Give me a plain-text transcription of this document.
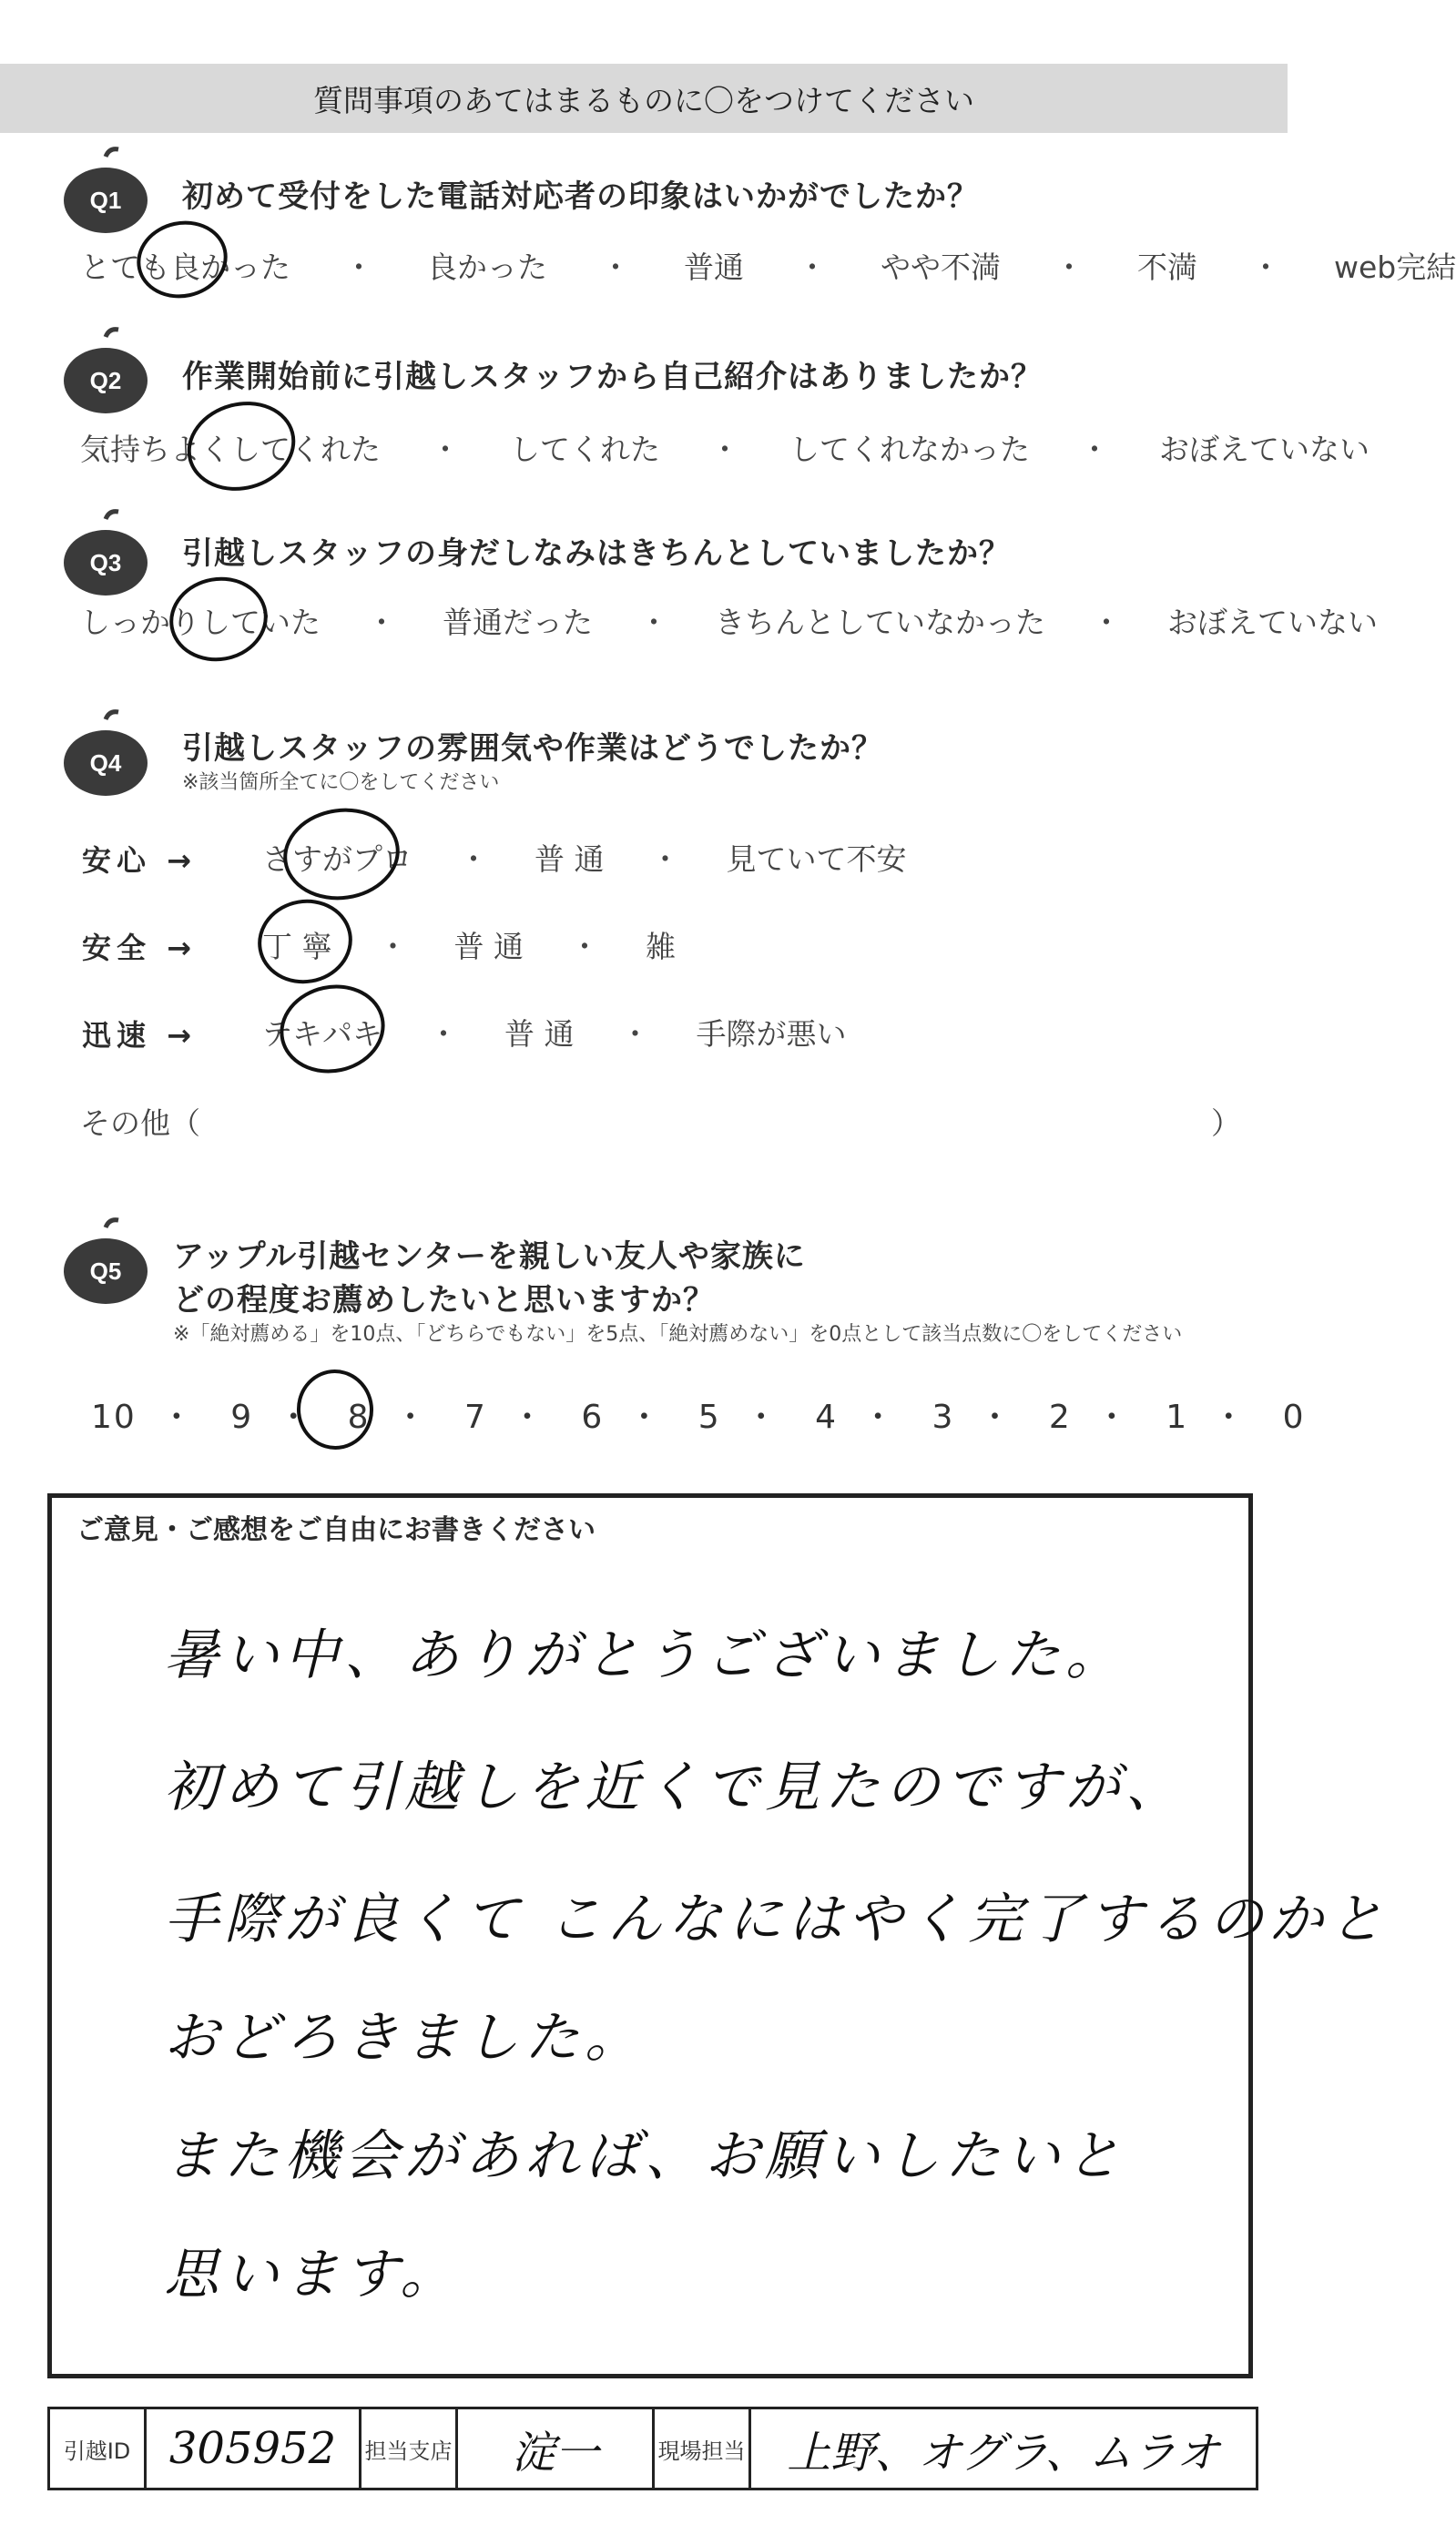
質問事項のあてはまるものに〇をつけてください
Q1 初めて受付をした電話対応者の印象はいかがでしたか？
とても良かった ・ 良かった ・ 普通 ・ やや不満 ・ 不満 ・ web完結
Q2 作業開始前に引越しスタッフから自己紹介はありましたか？
気持ちよくしてくれた ・ してくれた ・ してくれなかった ・ おぼえていない
Q3 引越しスタッフの身だしなみはきちんとしていましたか？
しっかりしていた ・ 普通だった ・ きちんとしていなかった ・ おぼえていない
Q4 引越しスタッフの雰囲気や作業はどうでしたか？
※該当箇所全てに〇をしてください
安心 → さすがプロ ・ 普 通 ・ 見ていて不安
安全 → 丁 寧 ・ 普 通 ・ 雑
迅速 → テキパキ ・ 普 通 ・ 手際が悪い
その他（	）
Q5 アップル引越センターを親しい友人や家族に
どの程度お薦めしたいと思いますか？
※「絶対薦める」を10点、「どちらでもない」を5点、「絶対薦めない」を0点として該当点数に〇をしてください
10 ・ 9 ・ 8 ・ 7 ・ 6 ・ 5 ・ 4 ・ 3 ・ 2 ・ 1 ・ 0
ご意見・ご感想をご自由にお書きください
暑い中、ありがとうございました。
初めて引越しを近くで見たのですが、
手際が良くて こんなにはやく完了するのかと
おどろきました。
また機会があれば、お願いしたいと
思います。
引越ID 305952 担当支店 淀一	現場担当 上野、オグラ、ムラオ
